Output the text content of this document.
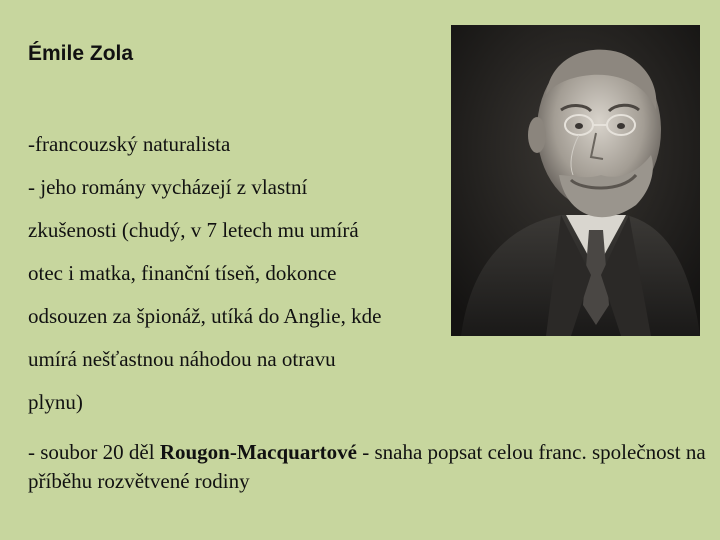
Émile Zola
-francouzský naturalista
- jeho romány vycházejí z vlastní
zkušenosti (chudý, v 7 letech mu umírá
otec i matka, finanční tíseň, dokonce
odsouzen za špionáž, utíká do Anglie, kde
umírá nešťastnou náhodou na otravu
plynu)

- soubor 20 děl Rougon-Macquartové - snaha popsat celou franc. společnost na příběhu rozvětvené rodiny
